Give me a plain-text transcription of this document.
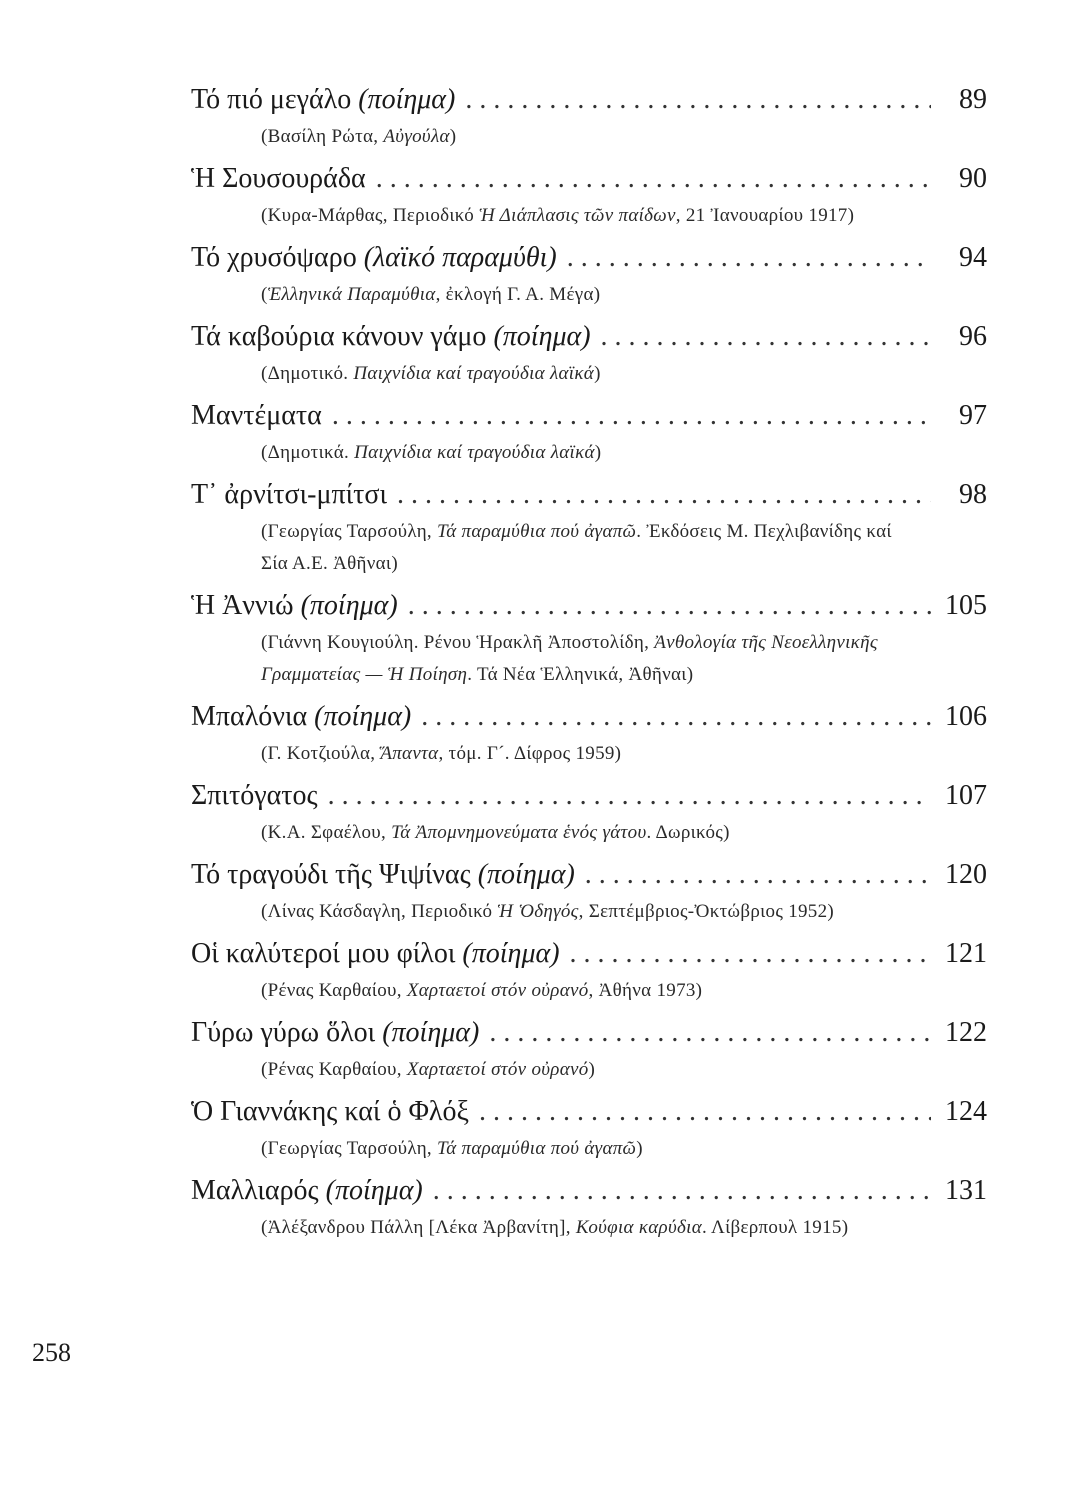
Τό πιό μεγάλο (ποίημα) . . .	89
(Βασίλη Ρώτα, Αὐγούλα)
Ἡ Σουσουράδα . . .	90
(Κυρα-Μάρθας, Περιοδικό Ἡ Διάπλασις τῶν παίδων, 21 Ἰανουαρίου 1917)
Τό χρυσόψαρο (λαϊκό παραμύθι) . . .	94
(Ἑλληνικά Παραμύθια, ἐκλογή Γ. Α. Μέγα)
Τά καβούρια κάνουν γάμο (ποίημα) . . .	96
(Δημοτικό. Παιχνίδια καί τραγούδια λαϊκά)
Μαντέματα . . .	97
(Δημοτικά. Παιχνίδια καί τραγούδια λαϊκά)
Τ᾽ ἀρνίτσι-μπίτσι . . .	98
(Γεωργίας Ταρσούλη, Τά παραμύθια πού ἀγαπῶ. Ἐκδόσεις Μ. Πεχλιβανίδης καί Σία Α.Ε. Ἀθῆναι)
Ἡ Ἀννιώ (ποίημα) . . .	105
(Γιάννη Κουγιούλη. Ρένου Ἡρακλῆ Ἀποστολίδη, Ἀνθολογία τῆς Νεοελληνικῆς Γραμματείας — Ἡ Ποίηση. Τά Νέα Ἑλληνικά, Ἀθῆναι)
Μπαλόνια (ποίημα) . . .	106
(Γ. Κοτζιούλα, Ἅπαντα, τόμ. Γ´. Δίφρος 1959)
Σπιτόγατος . . .	107
(Κ.Α. Σφαέλου, Τά Ἀπομνημονεύματα ἑνός γάτου. Δωρικός)
Τό τραγούδι τῆς Ψιψίνας (ποίημα) . . .	120
(Λίνας Κάσδαγλη, Περιοδικό Ἡ Ὁδηγός, Σεπτέμβριος-Ὀκτώβριος 1952)
Οἱ καλύτεροί μου φίλοι (ποίημα) . . .	121
(Ρένας Καρθαίου, Χαρταετοί στόν οὐρανό, Ἀθήνα 1973)
Γύρω γύρω ὅλοι (ποίημα) . . .	122
(Ρένας Καρθαίου, Χαρταετοί στόν οὐρανό)
Ὁ Γιαννάκης καί ὁ Φλόξ . . .	124
(Γεωργίας Ταρσούλη, Τά παραμύθια πού ἀγαπῶ)
Μαλλιαρός (ποίημα) . . .	131
(Ἀλέξανδρου Πάλλη [Λέκα Ἀρβανίτη], Κούφια καρύδια. Λίβερπουλ 1915)
258
